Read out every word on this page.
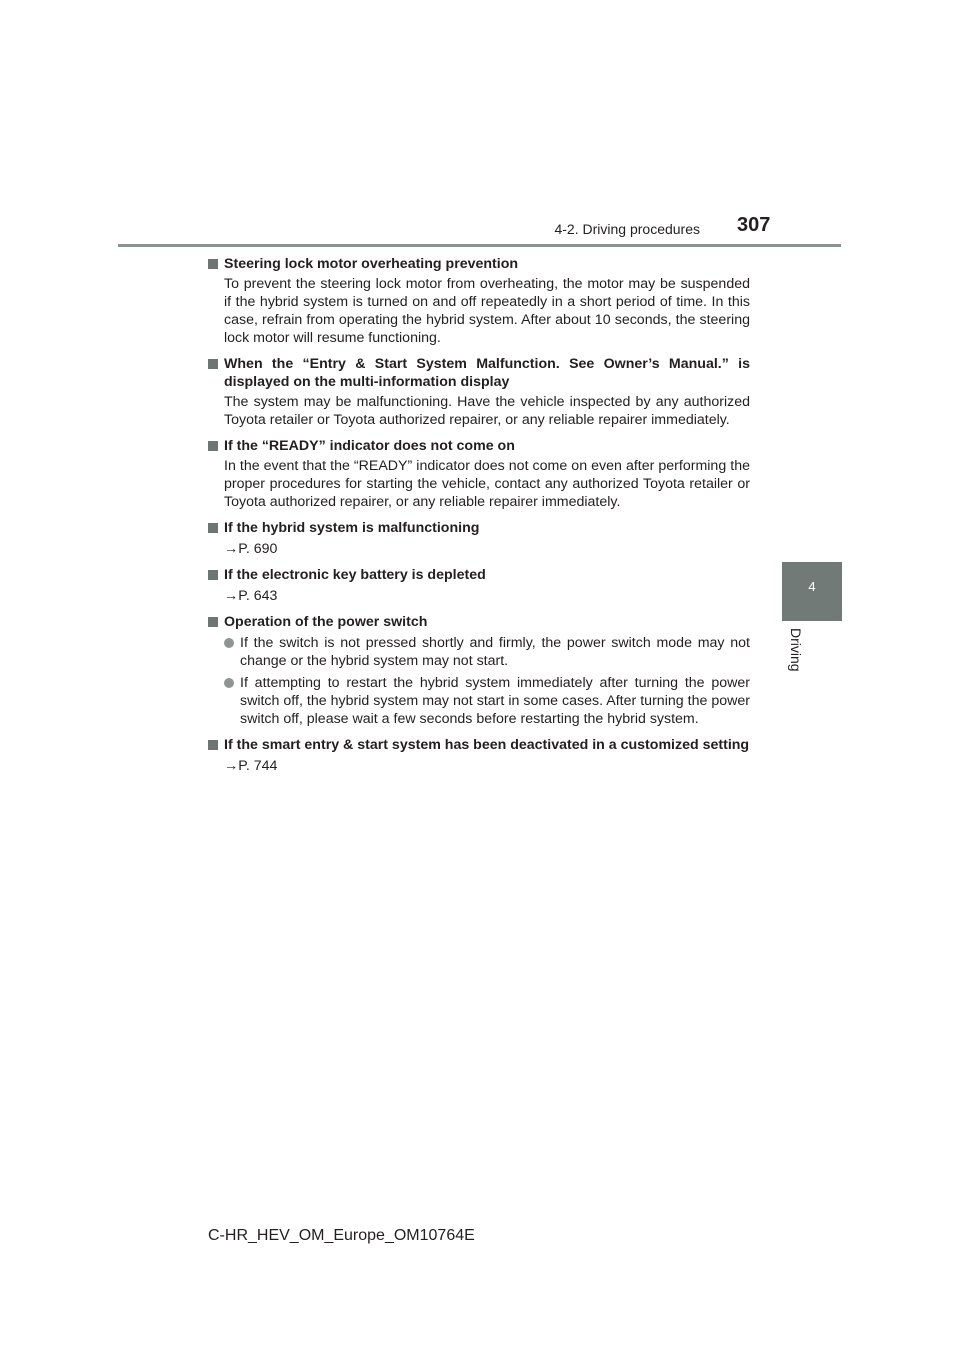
4-2. Driving procedures 307
4
Driving
Steering lock motor overheating prevention
To prevent the steering lock motor from overheating, the motor may be suspended if the hybrid system is turned on and off repeatedly in a short period of time. In this case, refrain from operating the hybrid system. After about 10 seconds, the steering lock motor will resume functioning.
When the “Entry & Start System Malfunction. See Owner’s Manual.” is displayed on the multi-information display
The system may be malfunctioning. Have the vehicle inspected by any authorized Toyota retailer or Toyota authorized repairer, or any reliable repairer immediately.
If the “READY” indicator does not come on
In the event that the “READY” indicator does not come on even after performing the proper procedures for starting the vehicle, contact any authorized Toyota retailer or Toyota authorized repairer, or any reliable repairer immediately.
If the hybrid system is malfunctioning
→P. 690
If the electronic key battery is depleted
→P. 643
Operation of the power switch
If the switch is not pressed shortly and firmly, the power switch mode may not change or the hybrid system may not start.
If attempting to restart the hybrid system immediately after turning the power switch off, the hybrid system may not start in some cases. After turning the power switch off, please wait a few seconds before restarting the hybrid system.
If the smart entry & start system has been deactivated in a customized setting
→P. 744
C-HR_HEV_OM_Europe_OM10764E
